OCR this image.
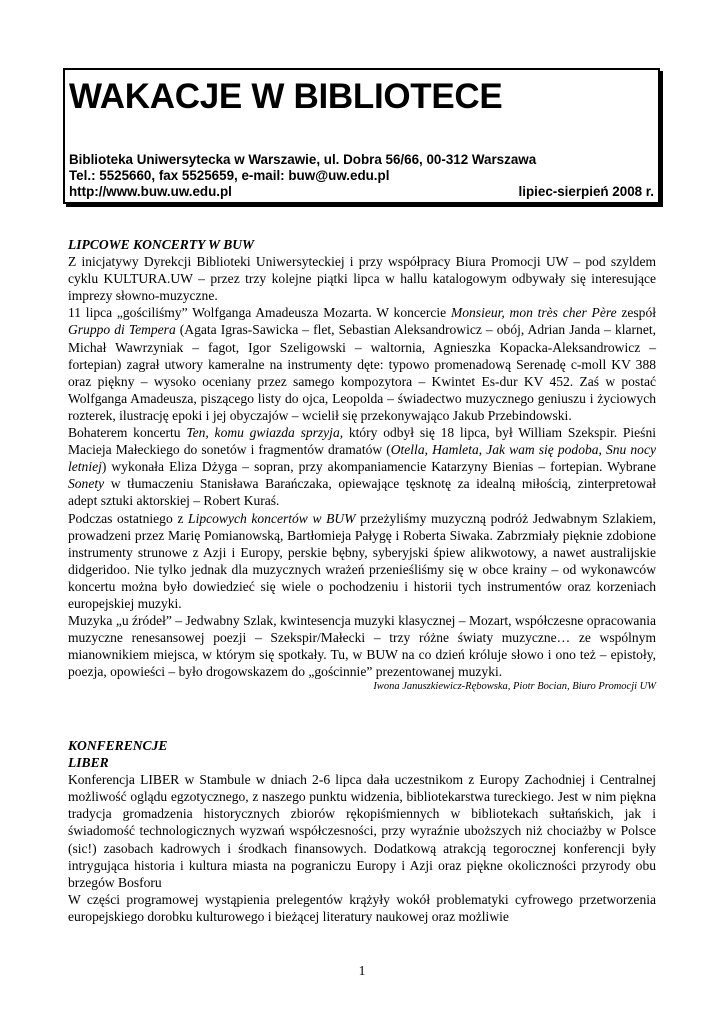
WAKACJE W BIBLIOTECE
Biblioteka Uniwersytecka w Warszawie, ul. Dobra 56/66, 00-312 Warszawa
Tel.: 5525660, fax 5525659, e-mail: buw@uw.edu.pl
http://www.buw.uw.edu.pl	lipiec-sierpień 2008 r.
LIPCOWE KONCERTY W BUW
Z inicjatywy Dyrekcji Biblioteki Uniwersyteckiej i przy współpracy Biura Promocji UW – pod szyldem cyklu KULTURA.UW – przez trzy kolejne piątki lipca w hallu katalogowym odbywały się interesujące imprezy słowno-muzyczne.
11 lipca „gościliśmy” Wolfganga Amadeusza Mozarta. W koncercie Monsieur, mon très cher Père zespół Gruppo di Tempera (Agata Igras-Sawicka – flet, Sebastian Aleksandrowicz – obój, Adrian Janda – klarnet, Michał Wawrzyniak – fagot, Igor Szeligowski – waltornia, Agnieszka Kopacka-Aleksandrowicz – fortepian) zagrał utwory kameralne na instrumenty dęte: typowo promenadową Serenadę c-moll KV 388 oraz piękny – wysoko oceniany przez samego kompozytora – Kwintet Es-dur KV 452. Zaś w postać Wolfganga Amadeusza, piszącego listy do ojca, Leopolda – świadectwo muzycznego geniuszu i życiowych rozterek, ilustrację epoki i jej obyczajów – wcielił się przekonywająco Jakub Przebindowski.
Bohaterem koncertu Ten, komu gwiazda sprzyja, który odbył się 18 lipca, był William Szekspir. Pieśni Macieja Małeckiego do sonetów i fragmentów dramatów (Otella, Hamleta, Jak wam się podoba, Snu nocy letniej) wykonała Eliza Dżyga – sopran, przy akompaniamencie Katarzyny Bienias – fortepian. Wybrane Sonety w tłumaczeniu Stanisława Barańczaka, opiewające tęsknotę za idealną miłością, zinterpretował adept sztuki aktorskiej – Robert Kuraś.
Podczas ostatniego z Lipcowych koncertów w BUW przeżyliśmy muzyczną podróż Jedwabnym Szlakiem, prowadzeni przez Marię Pomianowską, Bartłomieja Pałygę i Roberta Siwaka. Zabrzmiały pięknie zdobione instrumenty strunowe z Azji i Europy, perskie bębny, syberyjski śpiew alikwotowy, a nawet australijskie didgeridoo. Nie tylko jednak dla muzycznych wrażeń przenieśliśmy się w obce krainy – od wykonawców koncertu można było dowiedzieć się wiele o pochodzeniu i historii tych instrumentów oraz korzeniach europejskiej muzyki.
Muzyka „u źródeł” – Jedwabny Szlak, kwintesencja muzyki klasycznej – Mozart, współczesne opracowania muzyczne renesansowej poezji – Szekspir/Małecki – trzy różne światy muzyczne… ze wspólnym mianownikiem miejsca, w którym się spotkały. Tu, w BUW na co dzień króluje słowo i ono też – epistoły, poezja, opowieści – było drogowskazem do „gościnnie” prezentowanej muzyki.
Iwona Januszkiewicz-Rębowska, Piotr Bocian, Biuro Promocji UW
KONFERENCJE
LIBER
Konferencja LIBER w Stambule w dniach 2-6 lipca dała uczestnikom z Europy Zachodniej i Centralnej możliwość oglądu egzotycznego, z naszego punktu widzenia, bibliotekarstwa tureckiego. Jest w nim piękna tradycja gromadzenia historycznych zbiorów rękopiśmiennych w bibliotekach sułtańskich, jak i świadomość technologicznych wyzwań współczesności, przy wyraźnie uboższych niż chociażby w Polsce (sic!) zasobach kadrowych i środkach finansowych. Dodatkową atrakcją tegorocznej konferencji były intrygująca historia i kultura miasta na pograniczu Europy i Azji oraz piękne okoliczności przyrody obu brzegów Bosforu
W części programowej wystąpienia prelegentów krążyły wokół problematyki cyfrowego przetworzenia europejskiego dorobku kulturowego i bieżącej literatury naukowej oraz możliwie
1
